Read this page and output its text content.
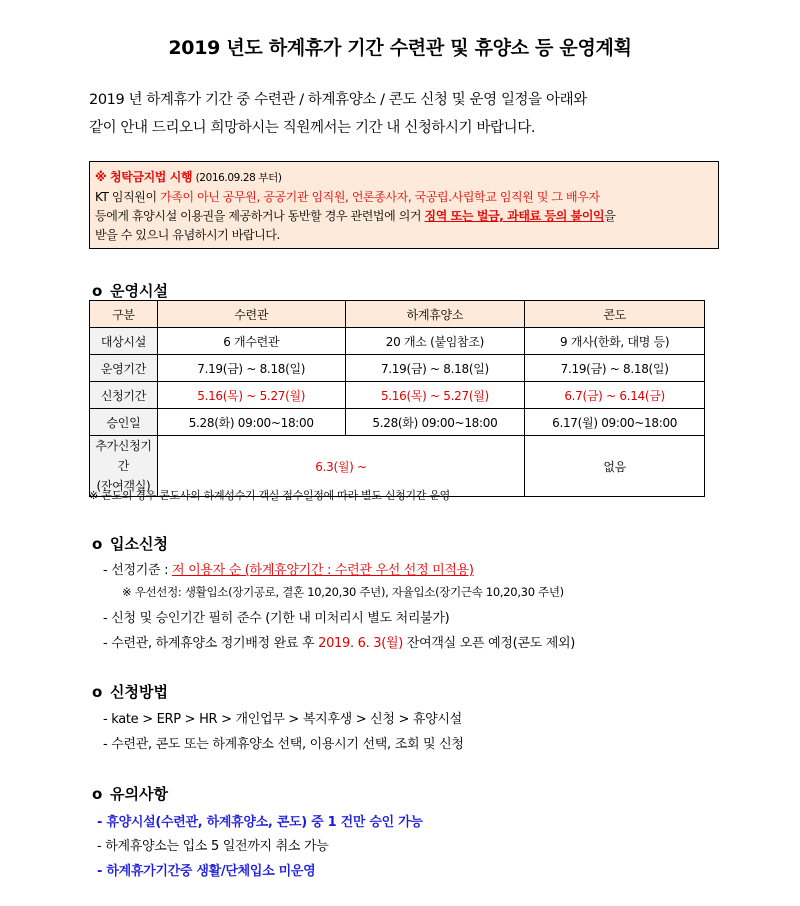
2019 년도 하계휴가 기간 수련관 및 휴양소 등 운영계획
2019 년 하계휴가 기간 중 수련관 / 하계휴양소 / 콘도 신청 및 운영 일정을 아래와
같이 안내 드리오니 희망하시는 직원께서는 기간 내 신청하시기 바랍니다.
※ 청탁금지법 시행 (2016.09.28 부터)
KT 임직원이 가족이 아닌 공무원, 공공기관 임직원, 언론종사자, 국공립.사립학교 임직원 및 그 배우자
등에게 휴양시설 이용권을 제공하거나 동반할 경우 관련법에 의거 징역 또는 벌금, 과태료 등의 불이익을
받을 수 있으니 유념하시기 바랍니다.
o 운영시설
구분	수련관	하계휴양소	콘도
대상시설	6 개수련관	20 개소 (붙임참조)	9 개사(한화, 대명 등)
운영기간	7.19(금) ~ 8.18(일)	7.19(금) ~ 8.18(일)	7.19(금) ~ 8.18(일)
신청기간	5.16(목) ~ 5.27(월)	5.16(목) ~ 5.27(월)	6.7(금) ~ 6.14(금)
승인일	5.28(화) 09:00~18:00	5.28(화) 09:00~18:00	6.17(월) 09:00~18:00

추가신청기간
(잔여객실)	6.3(월) ~		없음
※ 콘도의 경우 콘도사의 하계성수기 객실 접수일정에 따라 별도 신청기간 운영
o 입소신청
- 선정기준 : 저 이용자 순 (하계휴양기간 : 수련관 우선 선정 미적용)
※ 우선선정: 생활입소(장기공로, 결혼 10,20,30 주년), 자율입소(장기근속 10,20,30 주년)
- 신청 및 승인기간 필히 준수 (기한 내 미처리시 별도 처리불가)
- 수련관, 하계휴양소 정기배정 완료 후 2019. 6. 3(월) 잔여객실 오픈 예정(콘도 제외)
o 신청방법
- kate > ERP > HR > 개인업무 > 복지후생 > 신청 > 휴양시설
- 수련관, 콘도 또는 하계휴양소 선택, 이용시기 선택, 조회 및 신청
o 유의사항
- 휴양시설(수련관, 하계휴양소, 콘도) 중 1 건만 승인 가능
- 하계휴양소는 입소 5 일전까지 취소 가능
- 하계휴가기간중 생활/단체입소 미운영
